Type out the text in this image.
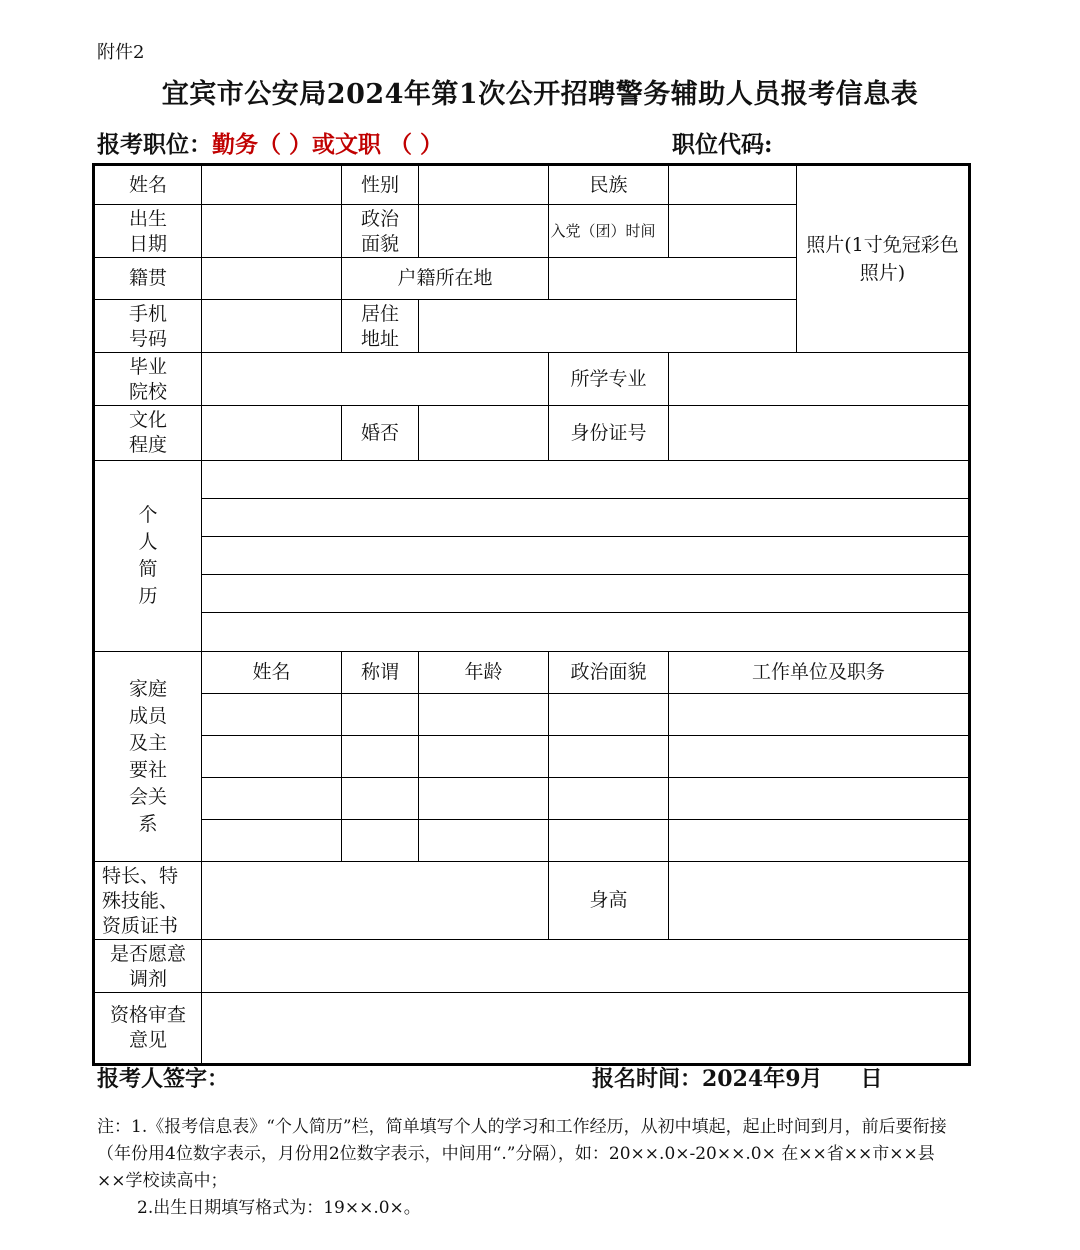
附件2
宜宾市公安局2024年第1次公开招聘警务辅助人员报考信息表
报考职位：勤务（ ）或文职 （ ）	职位代码:
姓名		性别		民族		照片(1寸免冠彩色照片)

出生日期		政治面貌		入党（团）时间		

籍贯		户籍所在地				

手机号码		居住地址				

毕业院校				所学专业		

文化程度		婚否		身份证号		

个人简历						

家庭成员及主要社会关系	姓名	称谓	年龄	政治面貌	工作单位及职务	

特长、特殊技能、资质证书				身高		

是否愿意调剂						

资格审查意见						

报考人签字：	报名时间：2024年9月 日
注：1.《报考信息表》“个人简历”栏，简单填写个人的学习和工作经历，从初中填起，起止时间到月，前后要衔接（年份用4位数字表示，月份用2位数字表示，中间用“.”分隔），如：20××.0×-20××.0× 在××省××市××县××学校读高中；
2.出生日期填写格式为：19××.0×。
